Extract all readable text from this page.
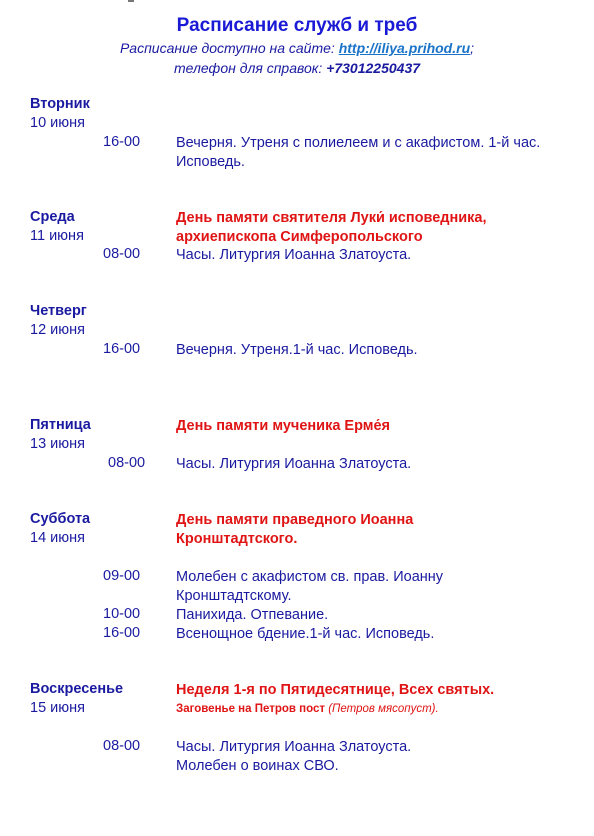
Расписание служб и треб
Расписание доступно на сайте: http://iliya.prihod.ru;
телефон для справок: +73012250437
Вторник
10 июня
16-00 Вечерня. Утреня с полиелеем и с акафистом. 1-й час. Исповедь.
Среда
11 июня
День памяти святителя Луки́ исповедника, архиепископа Симферопольского
08-00 Часы. Литургия Иоанна Златоуста.
Четверг
12 июня
16-00 Вечерня. Утреня.1-й час. Исповедь.
Пятница
13 июня
День памяти мученика Ерме́я
08-00 Часы. Литургия Иоанна Златоуста.
Суббота
14 июня
День памяти праведного Иоанна Кронштадтского.
09-00 Молебен с акафистом св. прав. Иоанну Кронштадтскому.
10-00 Панихида. Отпевание.
16-00 Всенощное бдение.1-й час. Исповедь.
Воскресенье
15 июня
Неделя 1-я по Пятидесятнице, Всех святых.
Заговенье на Петров пост (Петров мясопуст).
08-00 Часы. Литургия Иоанна Златоуста.
Молебен о воинах СВО.
